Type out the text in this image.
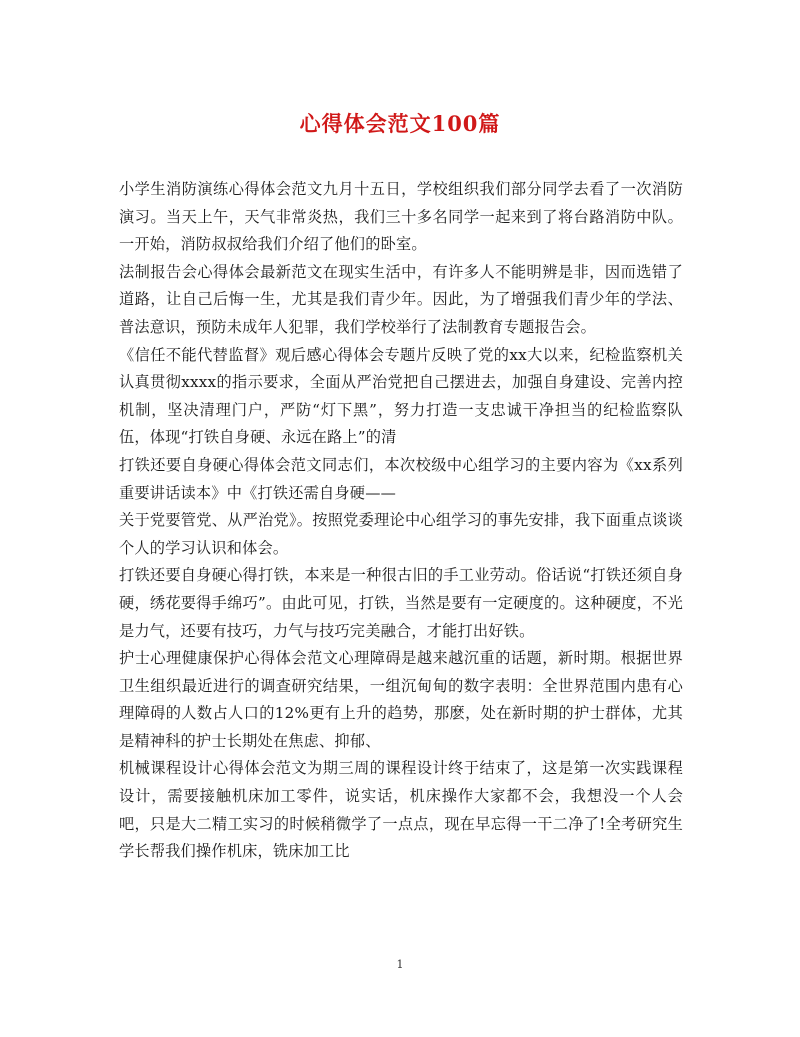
心得体会范文100篇

小学生消防演练心得体会范文九月十五日，学校组织我们部分同学去看了一次消防演习。当天上午，天气非常炎热，我们三十多名同学一起来到了将台路消防中队。一开始，消防叔叔给我们介绍了他们的卧室。

法制报告会心得体会最新范文在现实生活中，有许多人不能明辨是非，因而选错了道路，让自己后悔一生，尤其是我们青少年。因此，为了增强我们青少年的学法、普法意识，预防未成年人犯罪，我们学校举行了法制教育专题报告会。

《信任不能代替监督》观后感心得体会专题片反映了党的xx大以来，纪检监察机关认真贯彻xxxx的指示要求，全面从严治党把自己摆进去，加强自身建设、完善内控机制，坚决清理门户，严防“灯下黑”，努力打造一支忠诚干净担当的纪检监察队伍，体现“打铁自身硬、永远在路上”的清

打铁还要自身硬心得体会范文同志们，本次校级中心组学习的主要内容为《xx系列重要讲话读本》中《打铁还需自身硬——

关于党要管党、从严治党》。按照党委理论中心组学习的事先安排，我下面重点谈谈个人的学习认识和体会。

打铁还要自身硬心得打铁，本来是一种很古旧的手工业劳动。俗话说“打铁还须自身硬，绣花要得手绵巧”。由此可见，打铁，当然是要有一定硬度的。这种硬度，不光是力气，还要有技巧，力气与技巧完美融合，才能打出好铁。

护士心理健康保护心得体会范文心理障碍是越来越沉重的话题，新时期。根据世界卫生组织最近进行的调查研究结果，一组沉甸甸的数字表明：全世界范围内患有心理障碍的人数占人口的12%更有上升的趋势，那麽，处在新时期的护士群体，尤其是精神科的护士长期处在焦虑、抑郁、

机械课程设计心得体会范文为期三周的课程设计终于结束了，这是第一次实践课程设计，需要接触机床加工零件，说实话，机床操作大家都不会，我想没一个人会吧，只是大二精工实习的时候稍微学了一点点，现在早忘得一干二净了!全考研究生学长帮我们操作机床，铣床加工比

1
